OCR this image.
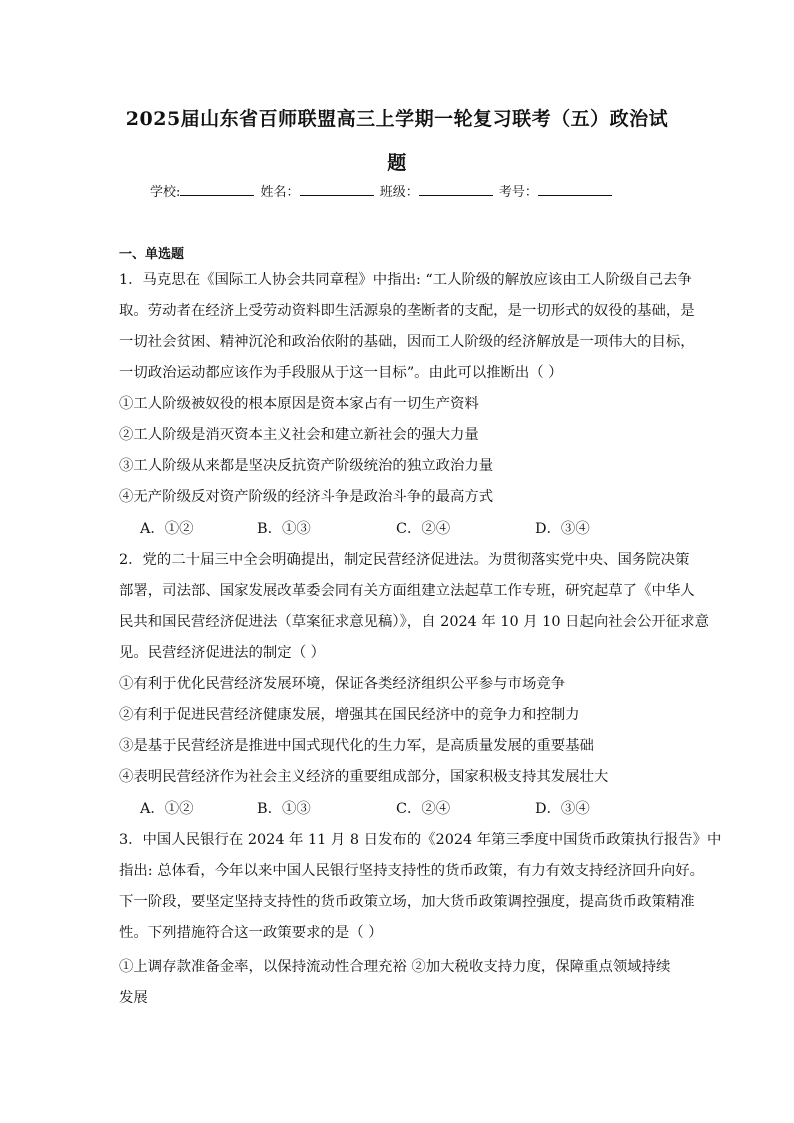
2025届山东省百师联盟高三上学期一轮复习联考（五）政治试
题
学校:	姓名：	班级：	考号：
一、单选题
1．马克思在《国际工人协会共同章程》中指出: “工人阶级的解放应该由工人阶级自己去争
取。劳动者在经济上受劳动资料即生活源泉的垄断者的支配，是一切形式的奴役的基础，是
一切社会贫困、精神沉沦和政治依附的基础，因而工人阶级的经济解放是一项伟大的目标，
一切政治运动都应该作为手段服从于这一目标”。由此可以推断出（ ）
①工人阶级被奴役的根本原因是资本家占有一切生产资料
②工人阶级是消灭资本主义社会和建立新社会的强大力量
③工人阶级从来都是坚决反抗资产阶级统治的独立政治力量
④无产阶级反对资产阶级的经济斗争是政治斗争的最高方式
A．①②	B．①③	C．②④	D．③④
2．党的二十届三中全会明确提出，制定民营经济促进法。为贯彻落实党中央、国务院决策
部署，司法部、国家发展改革委会同有关方面组建立法起草工作专班，研究起草了《中华人
民共和国民营经济促进法（草案征求意见稿）》，自 2024 年 10 月 10 日起向社会公开征求意
见。民营经济促进法的制定（ ）
①有利于优化民营经济发展环境，保证各类经济组织公平参与市场竞争
②有利于促进民营经济健康发展，增强其在国民经济中的竞争力和控制力
③是基于民营经济是推进中国式现代化的生力军，是高质量发展的重要基础
④表明民营经济作为社会主义经济的重要组成部分，国家积极支持其发展壮大
A．①②	B．①③	C．②④	D．③④
3．中国人民银行在 2024 年 11 月 8 日发布的《2024 年第三季度中国货币政策执行报告》中
指出: 总体看，今年以来中国人民银行坚持支持性的货币政策，有力有效支持经济回升向好。
下一阶段，要坚定坚持支持性的货币政策立场，加大货币政策调控强度，提高货币政策精准
性。下列措施符合这一政策要求的是（ ）
①上调存款准备金率，以保持流动性合理充裕 ②加大税收支持力度，保障重点领域持续
发展
